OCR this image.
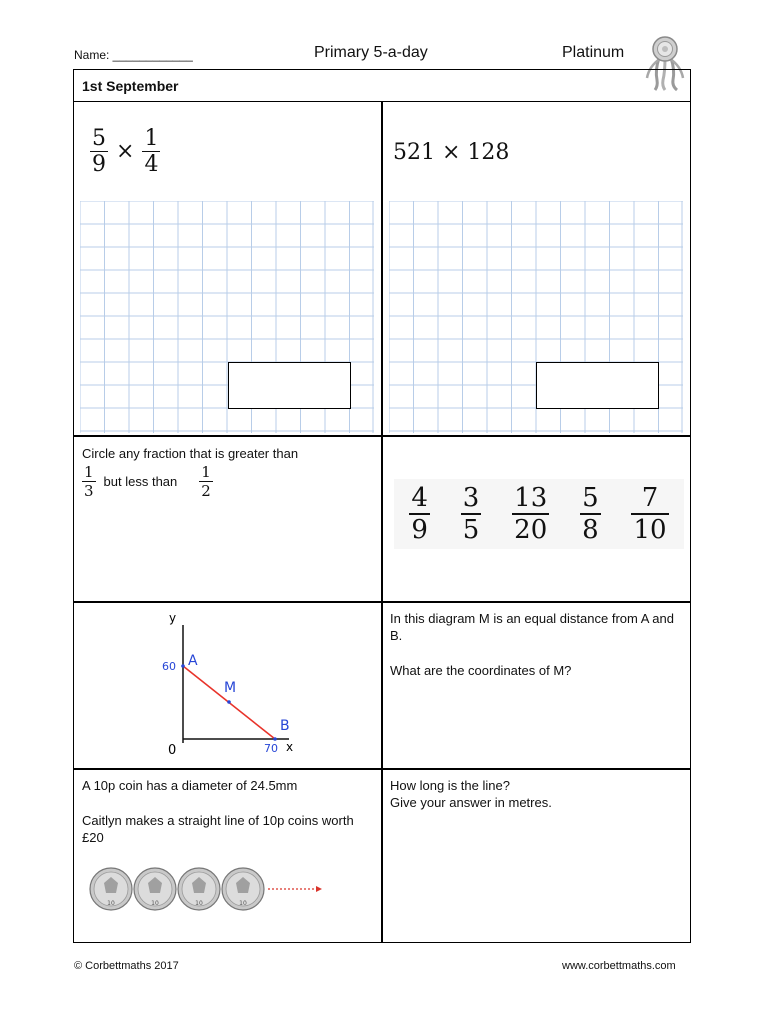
Name: ____________	Primary 5-a-day	Platinum
1st September
$\frac{5}{9} \times \frac{1}{4}$	521 × 128
Circle any fraction that is greater than
$\frac{1}{3}$ but less than $\frac{1}{2}$
$\frac{4}{9} \frac{3}{5} \frac{13}{20} \frac{5}{8} \frac{7}{10}$
y
x
0
60
70
A
M
B
In this diagram M is an equal distance from A and B.
What are the coordinates of M?
A 10p coin has a diameter of 24.5mm
Caitlyn makes a straight line of 10p coins worth £20
How long is the line?
Give your answer in metres.
10	10	10	10
© Corbettmaths 2017	www.corbettmaths.com
